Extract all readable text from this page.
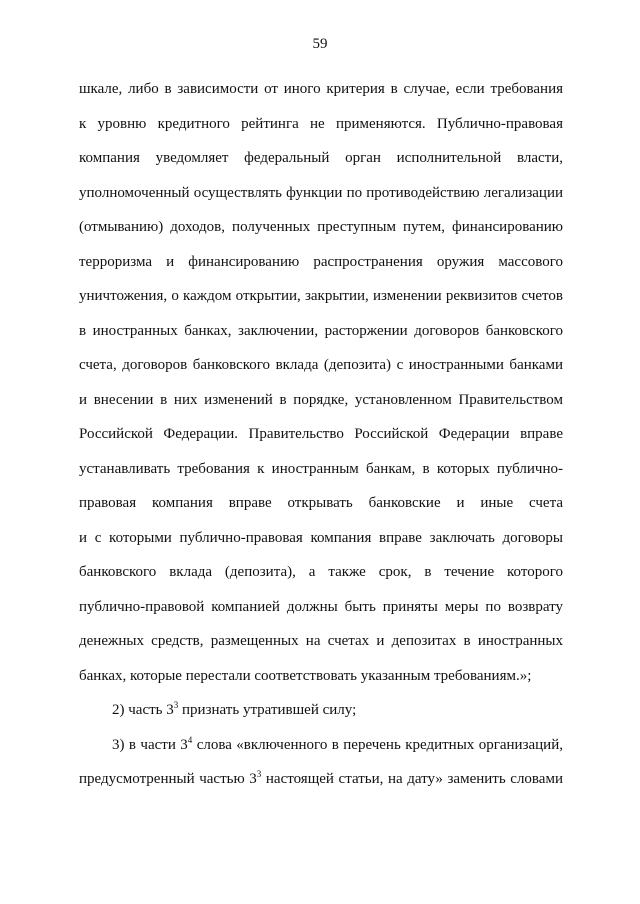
59
шкале, либо в зависимости от иного критерия в случае, если требования
к уровню кредитного рейтинга не применяются. Публично-правовая
компания уведомляет федеральный орган исполнительной власти,
уполномоченный осуществлять функции по противодействию легализации
(отмыванию) доходов, полученных преступным путем, финансированию
терроризма и финансированию распространения оружия массового
уничтожения, о каждом открытии, закрытии, изменении реквизитов счетов
в иностранных банках, заключении, расторжении договоров банковского
счета, договоров банковского вклада (депозита) с иностранными банками
и внесении в них изменений в порядке, установленном Правительством
Российской Федерации. Правительство Российской Федерации вправе
устанавливать требования к иностранным банкам, в которых публично-
правовая компания вправе открывать банковские и иные счета
и с которыми публично-правовая компания вправе заключать договоры
банковского вклада (депозита), а также срок, в течение которого
публично-правовой компанией должны быть приняты меры по возврату
денежных средств, размещенных на счетах и депозитах в иностранных
банках, которые перестали соответствовать указанным требованиям.»;
2) часть $3^3$ признать утратившей силу;
3) в части $3^4$ слова «включенного в перечень кредитных организаций,
предусмотренный частью $3^3$ настоящей статьи, на дату» заменить словами
